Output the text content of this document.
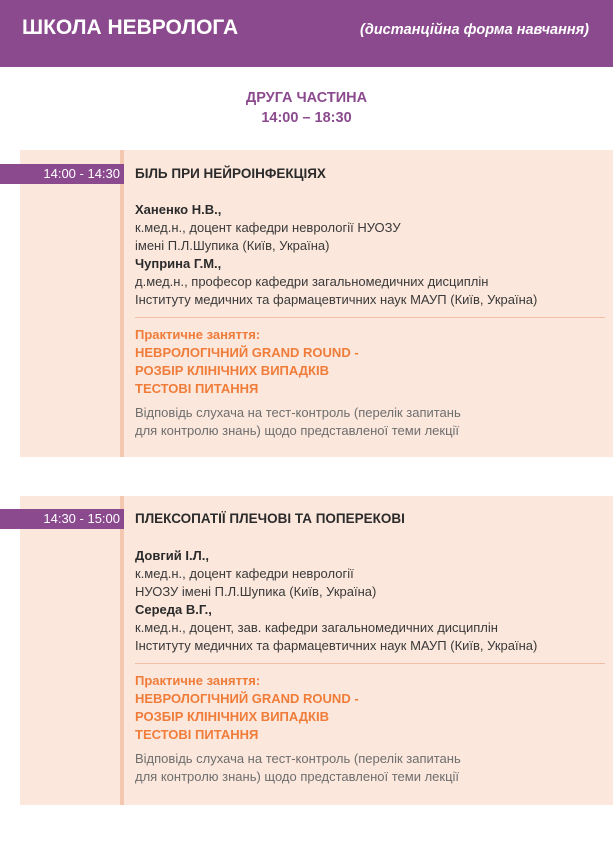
ШКОЛА НЕВРОЛОГА	(дистанційна форма навчання)
ДРУГА ЧАСТИНА
14:00 – 18:30
14:00 - 14:30 БІЛЬ ПРИ НЕЙРОІНФЕКЦІЯХ
Ханенко Н.В.,
к.мед.н., доцент кафедри неврології НУОЗУ
імені П.Л.Шупика (Київ, Україна)
Чуприна Г.М.,
д.мед.н., професор кафедри загальномедичних дисциплін
Інституту медичних та фармацевтичних наук МАУП (Київ, Україна)
Практичне заняття:
НЕВРОЛОГІЧНИЙ GRAND ROUND -
РОЗБІР КЛІНІЧНИХ ВИПАДКІВ
ТЕСТОВІ ПИТАННЯ
Відповідь слухача на тест-контроль (перелік запитань
для контролю знань) щодо представленої теми лекції
14:30 - 15:00 ПЛЕКСОПАТІЇ ПЛЕЧОВІ ТА ПОПЕРЕКОВІ
Довгий І.Л.,
к.мед.н., доцент кафедри неврології
НУОЗУ імені П.Л.Шупика (Київ, Україна)
Середа В.Г.,
к.мед.н., доцент, зав. кафедри загальномедичних дисциплін
Інституту медичних та фармацевтичних наук МАУП (Київ, Україна)
Практичне заняття:
НЕВРОЛОГІЧНИЙ GRAND ROUND -
РОЗБІР КЛІНІЧНИХ ВИПАДКІВ
ТЕСТОВІ ПИТАННЯ
Відповідь слухача на тест-контроль (перелік запитань
для контролю знань) щодо представленої теми лекції
